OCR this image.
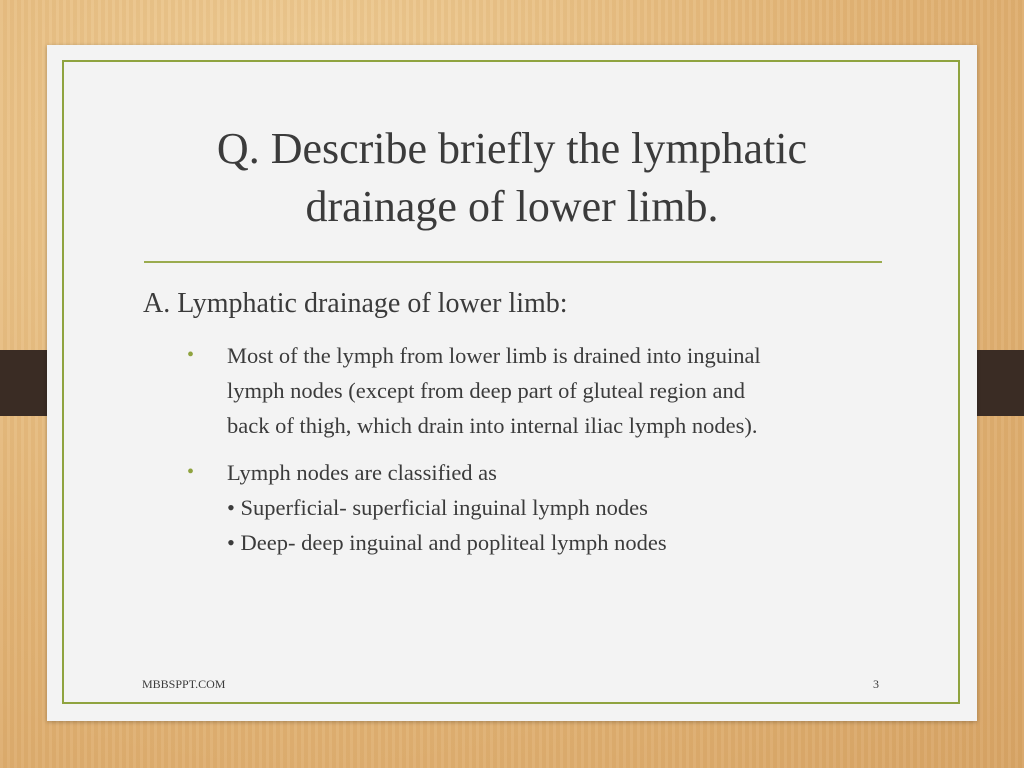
Q. Describe briefly the lymphatic
drainage of lower limb.
A. Lymphatic drainage of lower limb:
• Most of the lymph from lower limb is drained into inguinal
lymph nodes (except from deep part of gluteal region and
back of thigh, which drain into internal iliac lymph nodes).
• Lymph nodes are classified as
• Superficial- superficial inguinal lymph nodes
• Deep- deep inguinal and popliteal lymph nodes
MBBSPPT.COM	3
